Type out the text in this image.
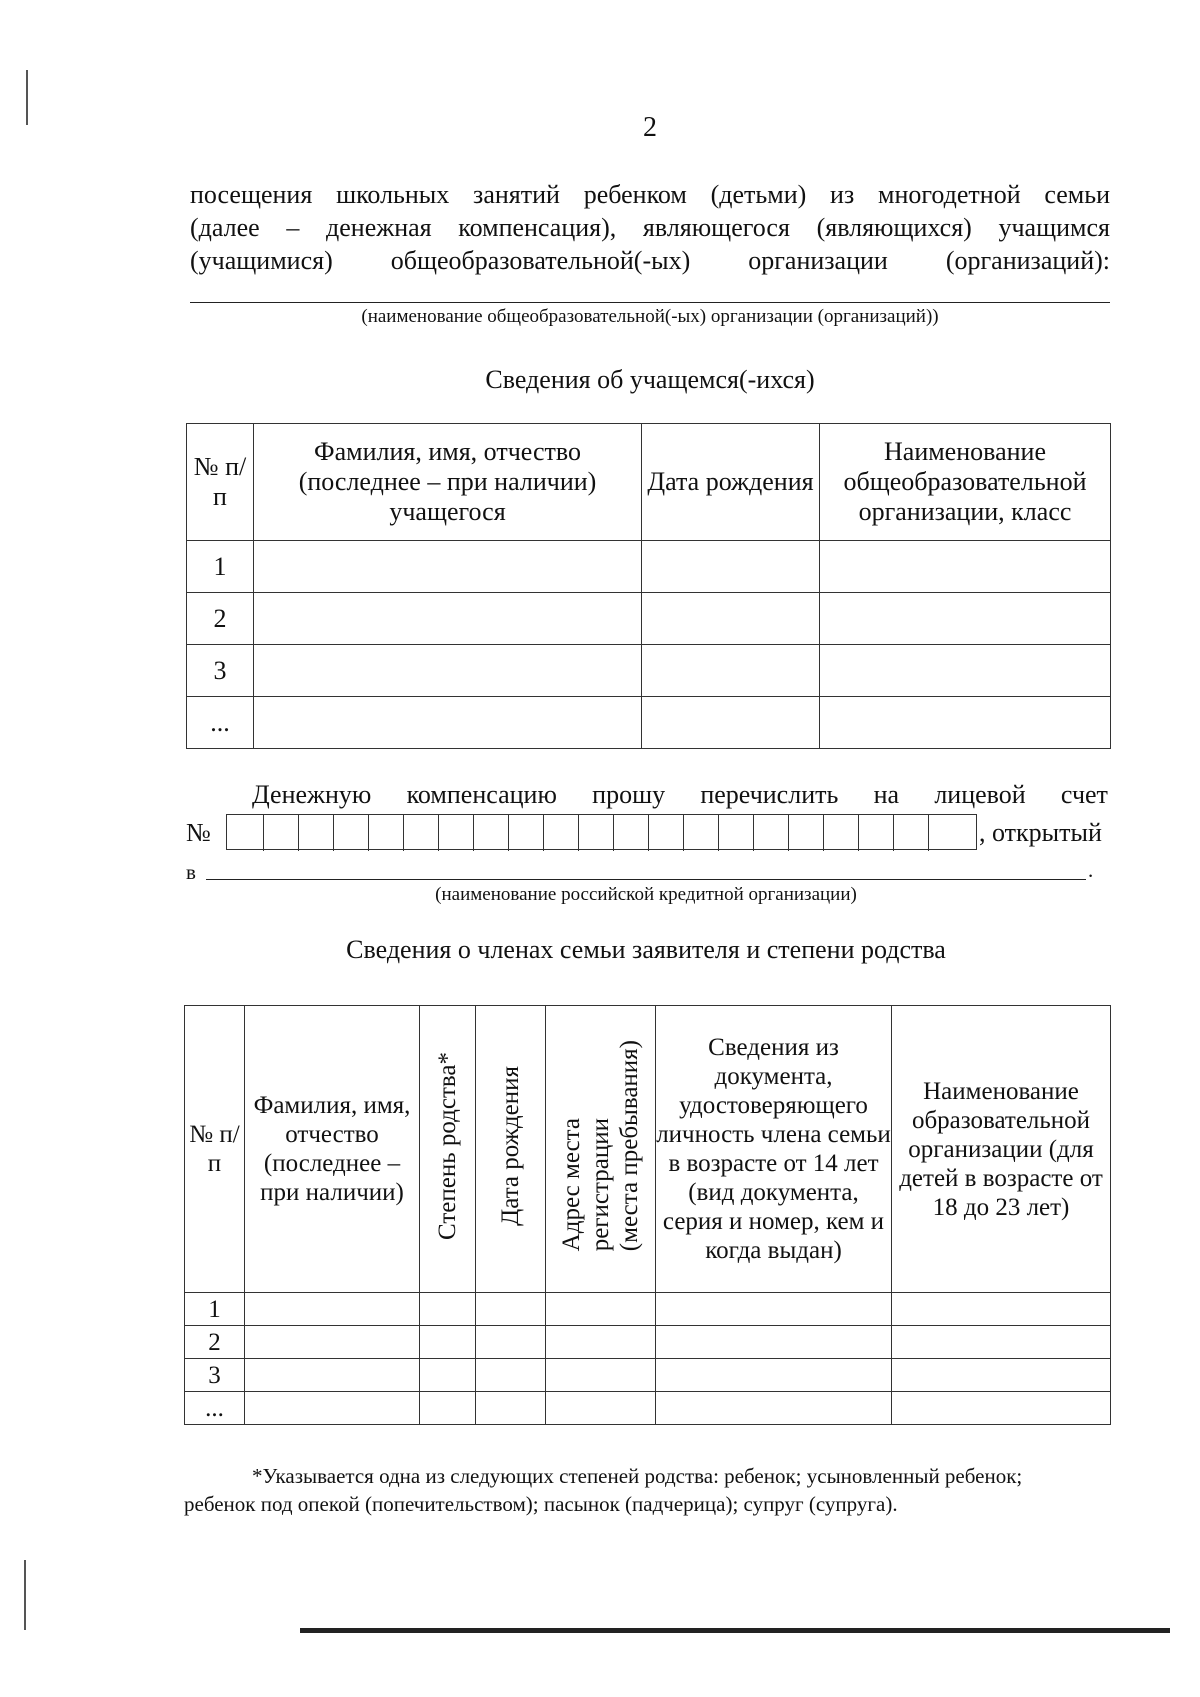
2
посещения школьных занятий ребенком (детьми) из многодетной семьи
(далее – денежная компенсация), являющегося (являющихся) учащимся
(учащимися) общеобразовательной(-ых) организации (организаций):
(наименование общеобразовательной(-ых) организации (организаций))
Сведения об учащемся(-ихся)
№ п/п	Фамилия, имя, отчество (последнее – при наличии) учащегося	Дата рождения	Наименование общеобразовательной организации, класс
1			
2			
3			
...			
Денежную компенсацию прошу перечислить на лицевой счет
№	, открытый
в	.
(наименование российской кредитной организации)
Сведения о членах семьи заявителя и степени родства
№ п/п	Фамилия, имя, отчество (последнее – при наличии)	Степень родства*	Дата рождения	Адрес местарегистрации(места пребывания)	Сведения из документа, удостоверяющего личность члена семьи в возрасте от 14 лет (вид документа, серия и номер, кем и когда выдан)	Наименование образовательной организации (для детей в возрасте от 18 до 23 лет)
1						
2						
3						
...						
*Указывается одна из следующих степеней родства: ребенок; усыновленный ребенок;
ребенок под опекой (попечительством); пасынок (падчерица); супруг (супруга).
